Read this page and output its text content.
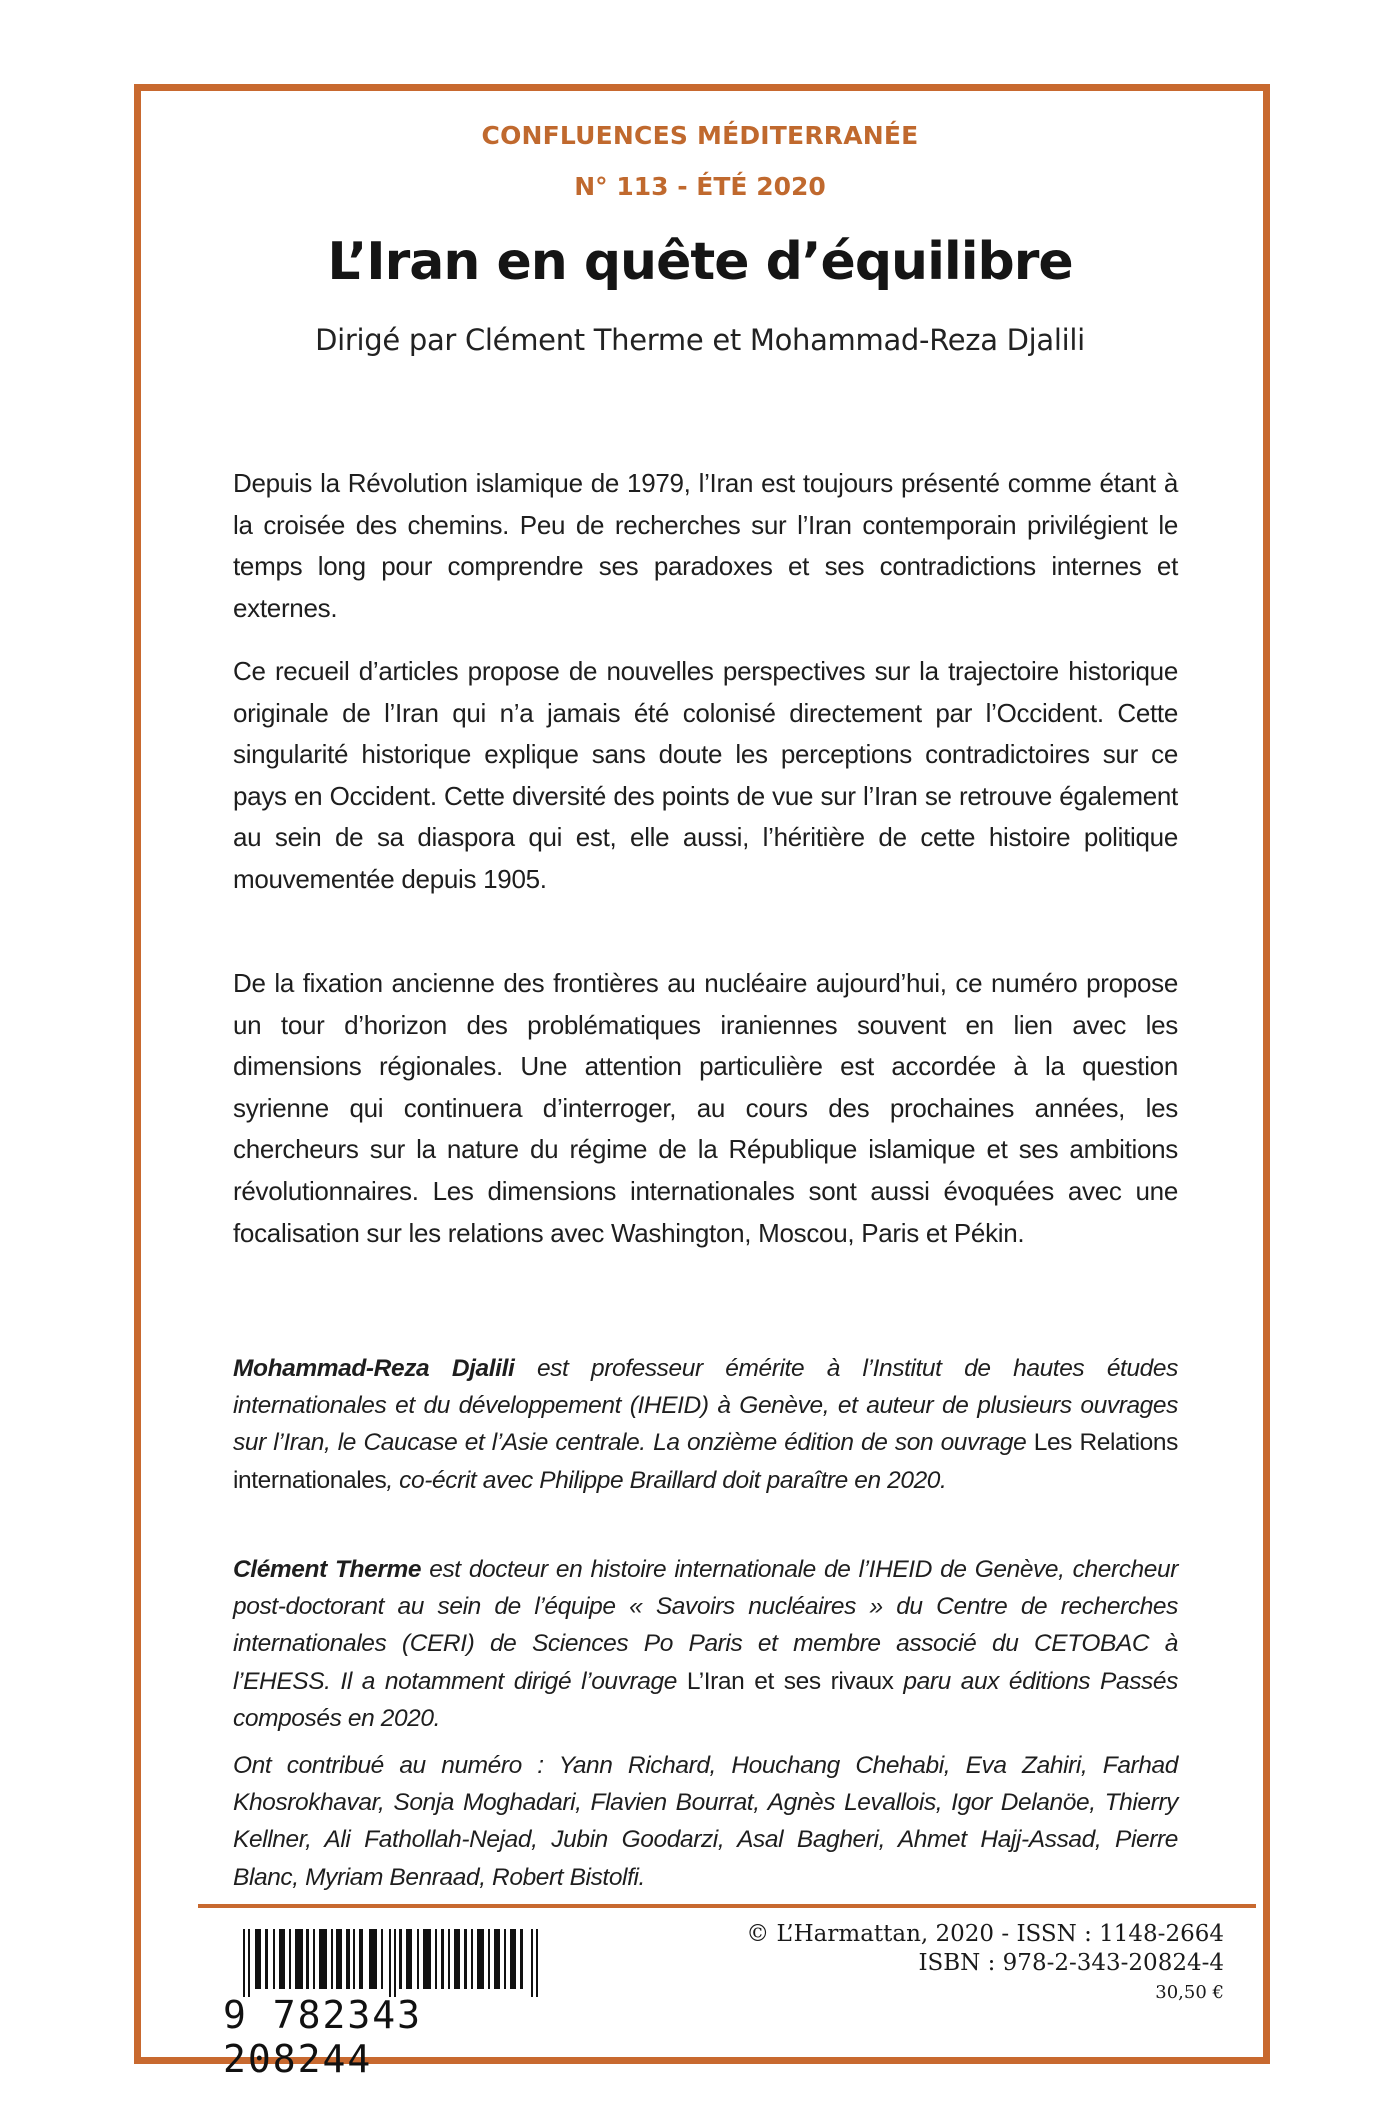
CONFLUENCES MÉDITERRANÉE
N° 113 - ÉTÉ 2020
L’Iran en quête d’équilibre
Dirigé par Clément Therme et Mohammad-Reza Djalili
Depuis la Révolution islamique de 1979, l’Iran est toujours présenté comme étant à la croisée des chemins. Peu de recherches sur l’Iran contemporain privilégient le temps long pour comprendre ses paradoxes et ses contradictions internes et externes.
Ce recueil d’articles propose de nouvelles perspectives sur la trajectoire historique originale de l’Iran qui n’a jamais été colonisé directement par l’Occident. Cette singularité historique explique sans doute les perceptions contradictoires sur ce pays en Occident. Cette diversité des points de vue sur l’Iran se retrouve également au sein de sa diaspora qui est, elle aussi, l’héritière de cette histoire politique mouvementée depuis 1905.
De la fixation ancienne des frontières au nucléaire aujourd’hui, ce numéro propose un tour d’horizon des problématiques iraniennes souvent en lien avec les dimensions régionales. Une attention particulière est accordée à la question syrienne qui continuera d’interroger, au cours des prochaines années, les chercheurs sur la nature du régime de la République islamique et ses ambitions révolutionnaires. Les dimensions internationales sont aussi évoquées avec une focalisation sur les relations avec Washington, Moscou, Paris et Pékin.
Mohammad-Reza Djalili est professeur émérite à l’Institut de hautes études internationales et du développement (IHEID) à Genève, et auteur de plusieurs ouvrages sur l’Iran, le Caucase et l’Asie centrale. La onzième édition de son ouvrage Les Relations internationales, co-écrit avec Philippe Braillard doit paraître en 2020.
Clément Therme est docteur en histoire internationale de l’IHEID de Genève, chercheur post-doctorant au sein de l’équipe « Savoirs nucléaires » du Centre de recherches internationales (CERI) de Sciences Po Paris et membre associé du CETOBAC à l’EHESS. Il a notamment dirigé l’ouvrage L’Iran et ses rivaux paru aux éditions Passés composés en 2020.
Ont contribué au numéro : Yann Richard, Houchang Chehabi, Eva Zahiri, Farhad Khosrokhavar, Sonja Moghadari, Flavien Bourrat, Agnès Levallois, Igor Delanöe, Thierry Kellner, Ali Fathollah-Nejad, Jubin Goodarzi, Asal Bagheri, Ahmet Hajj-Assad, Pierre Blanc, Myriam Benraad, Robert Bistolfi.
9 782343 208244
© L’Harmattan, 2020 - ISSN : 1148-2664
ISBN : 978-2-343-20824-4
30,50 €
